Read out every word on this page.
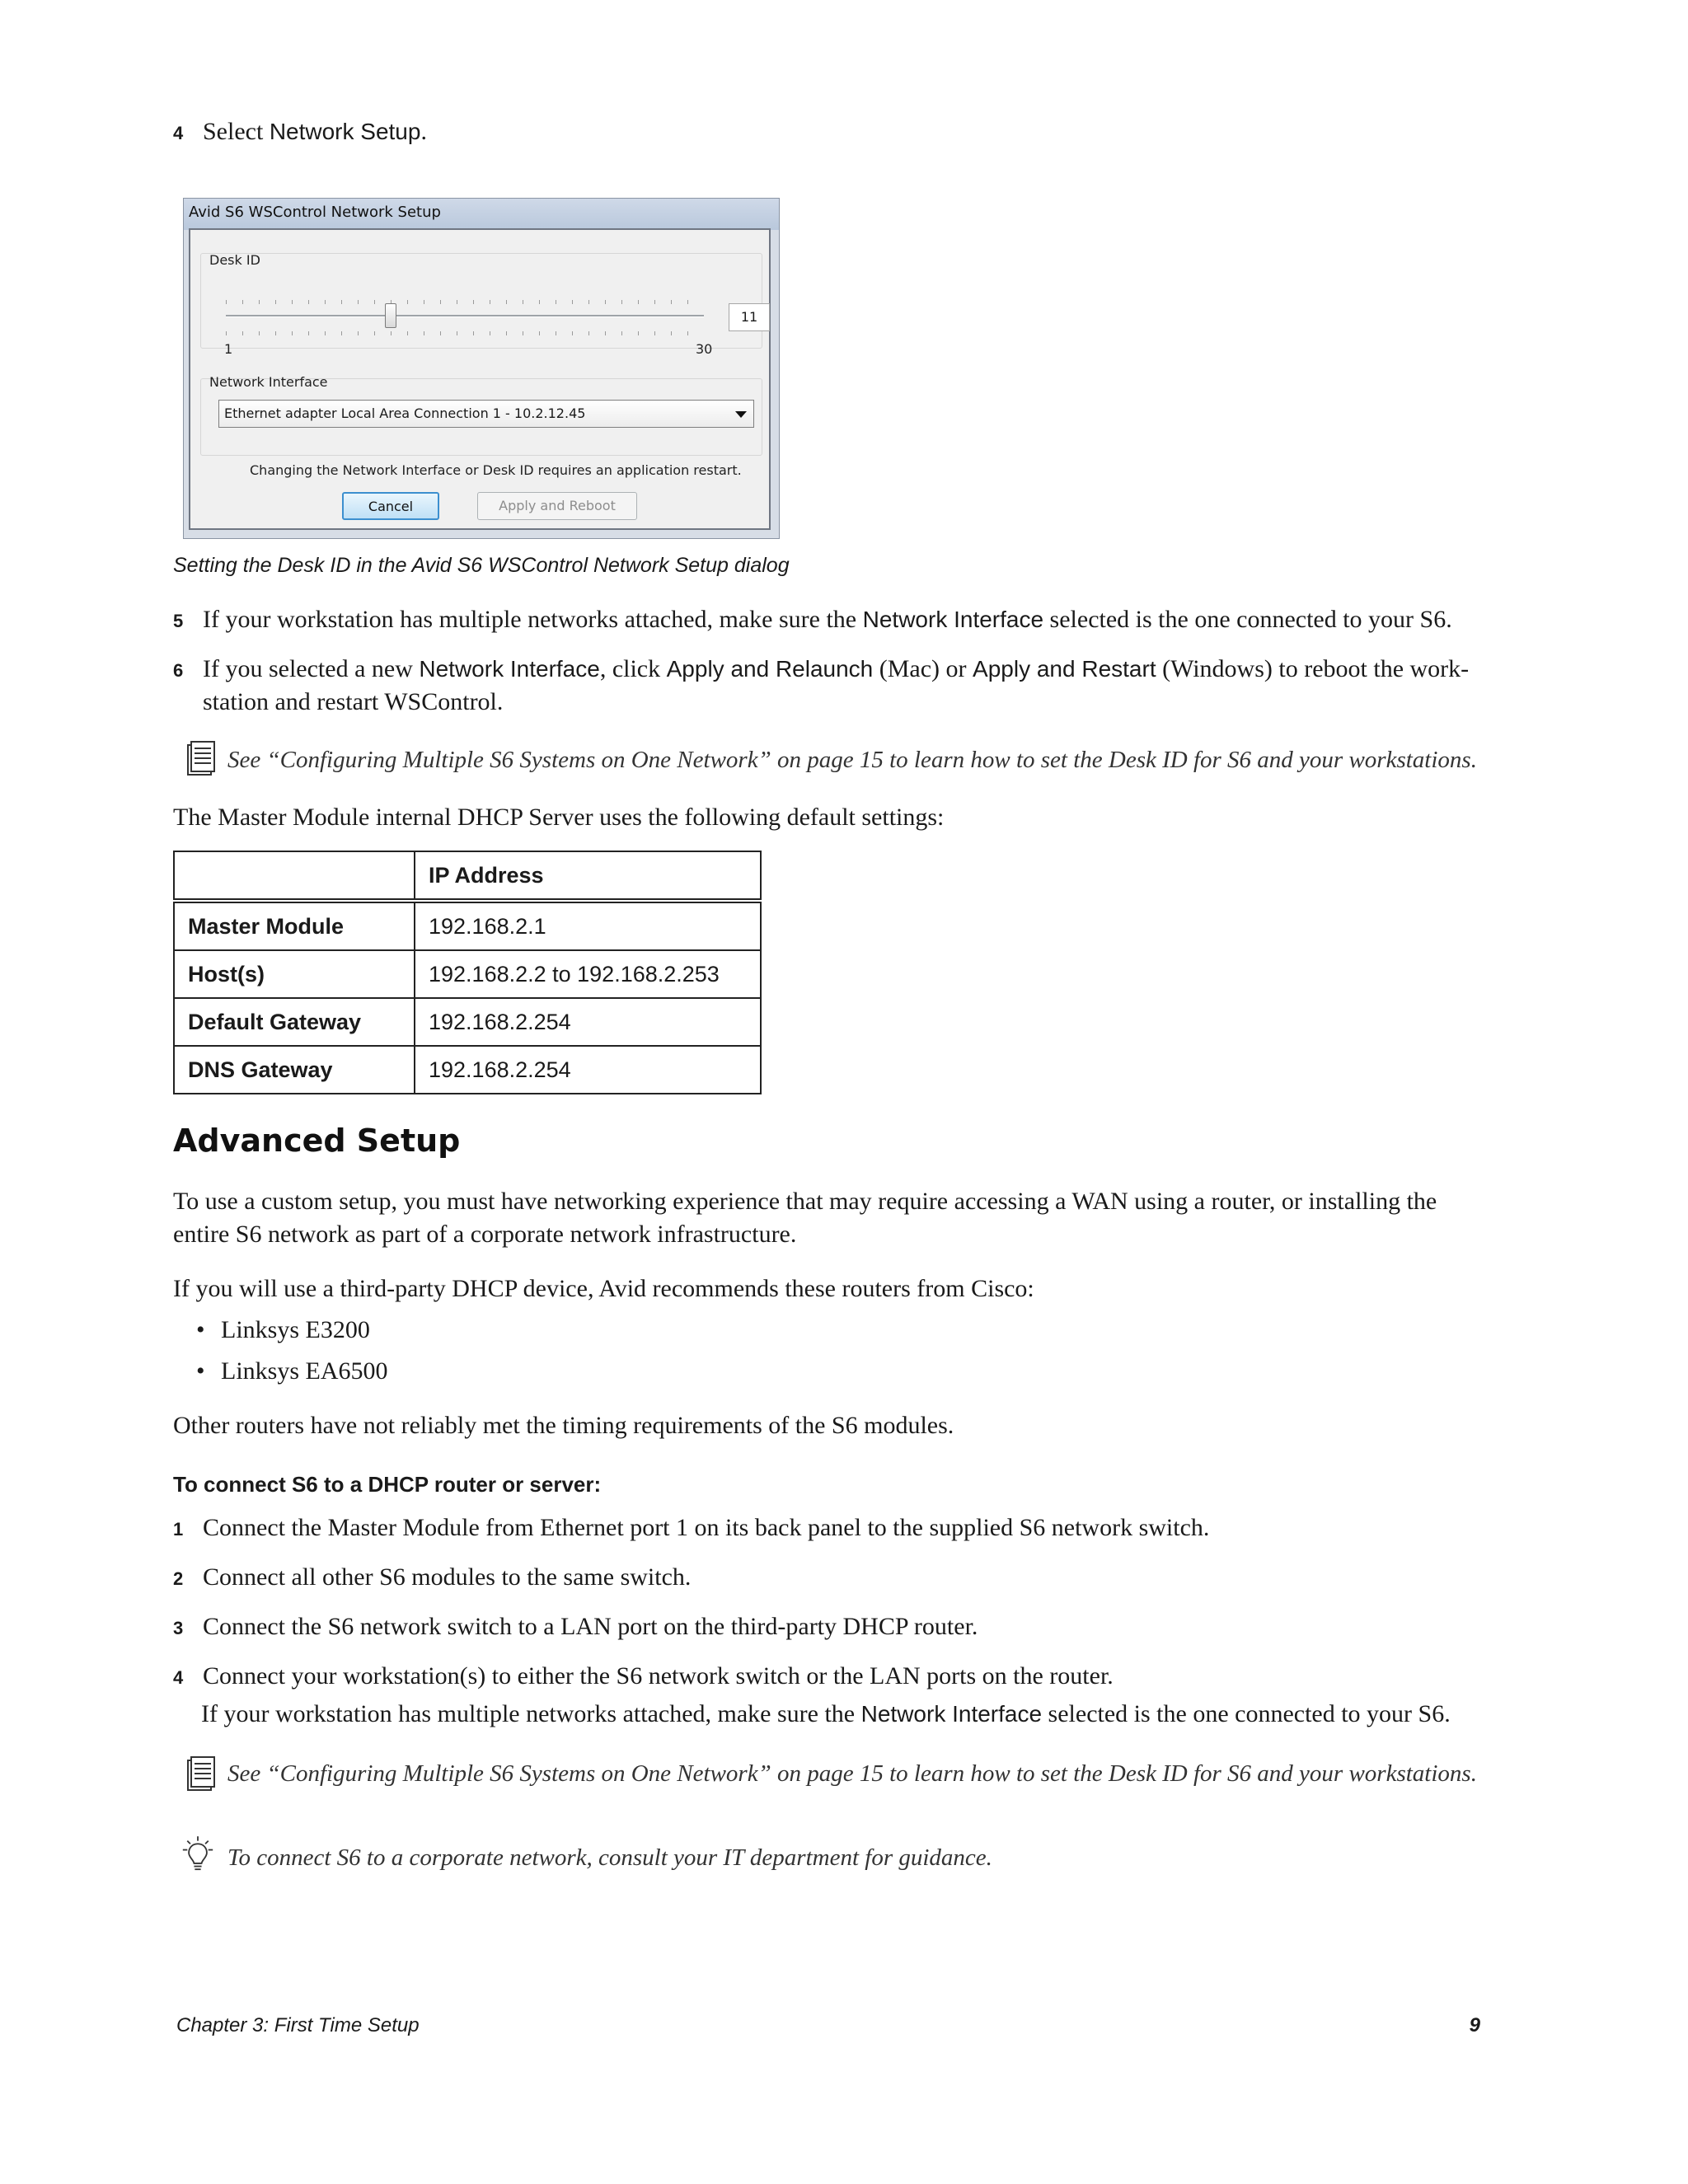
4 Select Network Setup.
Avid S6 WSControl Network Setup
Desk ID
11
1	30
Network Interface
Ethernet adapter Local Area Connection 1 - 10.2.12.45
Changing the Network Interface or Desk ID requires an application restart.
Cancel	Apply and Reboot
Setting the Desk ID in the Avid S6 WSControl Network Setup dialog
5 If your workstation has multiple networks attached, make sure the Network Interface selected is the one connected to your S6.
6 If you selected a new Network Interface, click Apply and Relaunch (Mac) or Apply and Restart (Windows) to reboot the work-
station and restart WSControl.
See “Configuring Multiple S6 Systems on One Network” on page 15 to learn how to set the Desk ID for S6 and your workstations.
The Master Module internal DHCP Server uses the following default settings:
	IP Address
Master Module	192.168.2.1
Host(s)	192.168.2.2 to 192.168.2.253
Default Gateway	192.168.2.254
DNS Gateway	192.168.2.254
Advanced Setup
To use a custom setup, you must have networking experience that may require accessing a WAN using a router, or installing the
entire S6 network as part of a corporate network infrastructure.
If you will use a third-party DHCP device, Avid recommends these routers from Cisco:
• Linksys E3200
• Linksys EA6500
Other routers have not reliably met the timing requirements of the S6 modules.
To connect S6 to a DHCP router or server:
1 Connect the Master Module from Ethernet port 1 on its back panel to the supplied S6 network switch.
2 Connect all other S6 modules to the same switch.
3 Connect the S6 network switch to a LAN port on the third-party DHCP router.
4 Connect your workstation(s) to either the S6 network switch or the LAN ports on the router.
If your workstation has multiple networks attached, make sure the Network Interface selected is the one connected to your S6.
See “Configuring Multiple S6 Systems on One Network” on page 15 to learn how to set the Desk ID for S6 and your workstations.
To connect S6 to a corporate network, consult your IT department for guidance.
Chapter 3: First Time Setup	9
